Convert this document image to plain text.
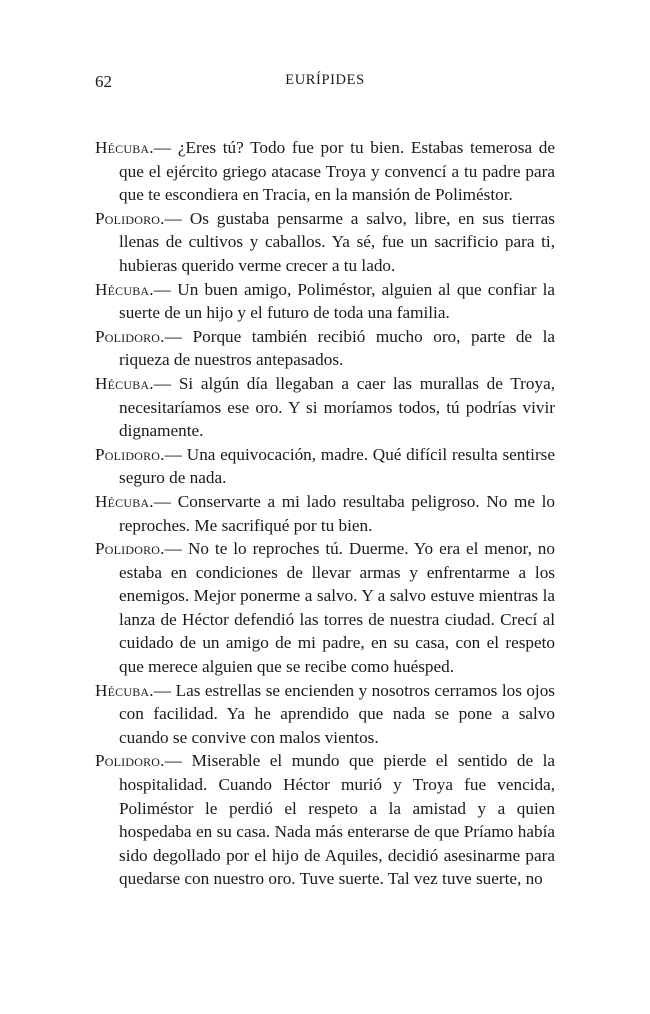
62	EURÍPIDES

Hécuba.— ¿Eres tú? Todo fue por tu bien. Estabas temerosa de que el ejército griego atacase Troya y convencí a tu padre para que te escondiera en Tracia, en la mansión de Poliméstor.

Polidoro.— Os gustaba pensarme a salvo, libre, en sus tierras llenas de cultivos y caballos. Ya sé, fue un sacrificio para ti, hubieras querido verme crecer a tu lado.

Hécuba.— Un buen amigo, Poliméstor, alguien al que confiar la suerte de un hijo y el futuro de toda una familia.

Polidoro.— Porque también recibió mucho oro, parte de la riqueza de nuestros antepasados.

Hécuba.— Si algún día llegaban a caer las murallas de Troya, necesitaríamos ese oro. Y si moríamos todos, tú podrías vivir dignamente.

Polidoro.— Una equivocación, madre. Qué difícil resulta sentirse seguro de nada.

Hécuba.— Conservarte a mi lado resultaba peligroso. No me lo reproches. Me sacrifiqué por tu bien.

Polidoro.— No te lo reproches tú. Duerme. Yo era el menor, no estaba en condiciones de llevar armas y enfrentarme a los enemigos. Mejor ponerme a salvo. Y a salvo estuve mientras la lanza de Héctor defendió las torres de nuestra ciudad. Crecí al cuidado de un amigo de mi padre, en su casa, con el respeto que merece alguien que se recibe como huésped.

Hécuba.— Las estrellas se encienden y nosotros cerramos los ojos con facilidad. Ya he aprendido que nada se pone a salvo cuando se convive con malos vientos.

Polidoro.— Miserable el mundo que pierde el sentido de la hospitalidad. Cuando Héctor murió y Troya fue vencida, Poliméstor le perdió el respeto a la amistad y a quien hospedaba en su casa. Nada más enterarse de que Príamo había sido degollado por el hijo de Aquiles, decidió asesinarme para quedarse con nuestro oro. Tuve suerte. Tal vez tuve suerte, no
